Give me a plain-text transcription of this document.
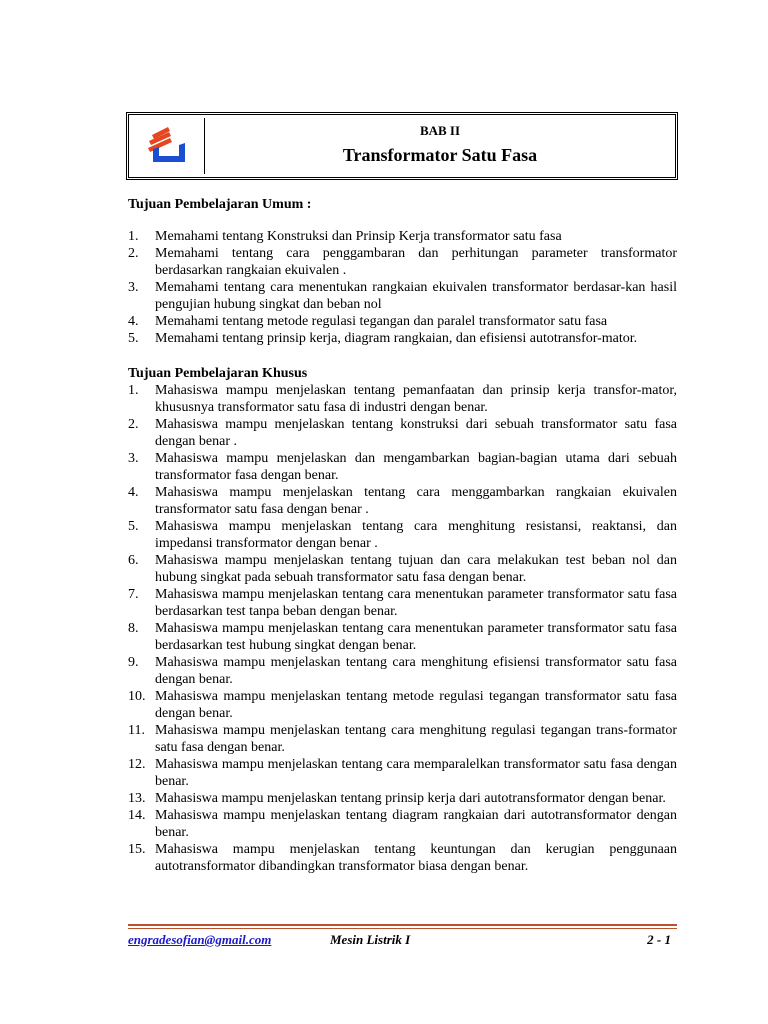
BAB II
Transformator Satu Fasa
Tujuan Pembelajaran Umum :
1. Memahami tentang Konstruksi dan Prinsip Kerja transformator satu fasa
2. Memahami tentang cara penggambaran dan perhitungan parameter transformator berdasarkan rangkaian ekuivalen .
3. Memahami tentang cara menentukan rangkaian ekuivalen transformator berdasar-kan hasil pengujian hubung singkat dan beban nol
4. Memahami tentang metode regulasi tegangan dan paralel transformator satu fasa
5. Memahami tentang prinsip kerja, diagram rangkaian, dan efisiensi autotransfor-mator.
Tujuan Pembelajaran Khusus
1. Mahasiswa mampu menjelaskan tentang pemanfaatan dan prinsip kerja transfor-mator, khususnya transformator satu fasa di industri dengan benar.
2. Mahasiswa mampu menjelaskan tentang konstruksi dari sebuah transformator satu fasa dengan benar .
3. Mahasiswa mampu menjelaskan dan mengambarkan bagian-bagian utama dari sebuah transformator fasa dengan benar.
4. Mahasiswa mampu menjelaskan tentang cara menggambarkan rangkaian ekuivalen transformator satu fasa dengan benar .
5. Mahasiswa mampu menjelaskan tentang cara menghitung resistansi, reaktansi, dan impedansi transformator dengan benar .
6. Mahasiswa mampu menjelaskan tentang tujuan dan cara melakukan test beban nol dan hubung singkat pada sebuah transformator satu fasa dengan benar.
7. Mahasiswa mampu menjelaskan tentang cara menentukan parameter transformator satu fasa berdasarkan test tanpa beban dengan benar.
8. Mahasiswa mampu menjelaskan tentang cara menentukan parameter transformator satu fasa berdasarkan test hubung singkat dengan benar.
9. Mahasiswa mampu menjelaskan tentang cara menghitung efisiensi transformator satu fasa dengan benar.
10. Mahasiswa mampu menjelaskan tentang metode regulasi tegangan transformator satu fasa dengan benar.
11. Mahasiswa mampu menjelaskan tentang cara menghitung regulasi tegangan trans-formator satu fasa dengan benar.
12. Mahasiswa mampu menjelaskan tentang cara memparalelkan transformator satu fasa dengan benar.
13. Mahasiswa mampu menjelaskan tentang prinsip kerja dari autotransformator dengan benar.
14. Mahasiswa mampu menjelaskan tentang diagram rangkaian dari autotransformator dengan benar.
15. Mahasiswa mampu menjelaskan tentang keuntungan dan kerugian penggunaan autotransformator dibandingkan transformator biasa dengan benar.
engradesofian@gmail.com	Mesin Listrik I	2 - 1
